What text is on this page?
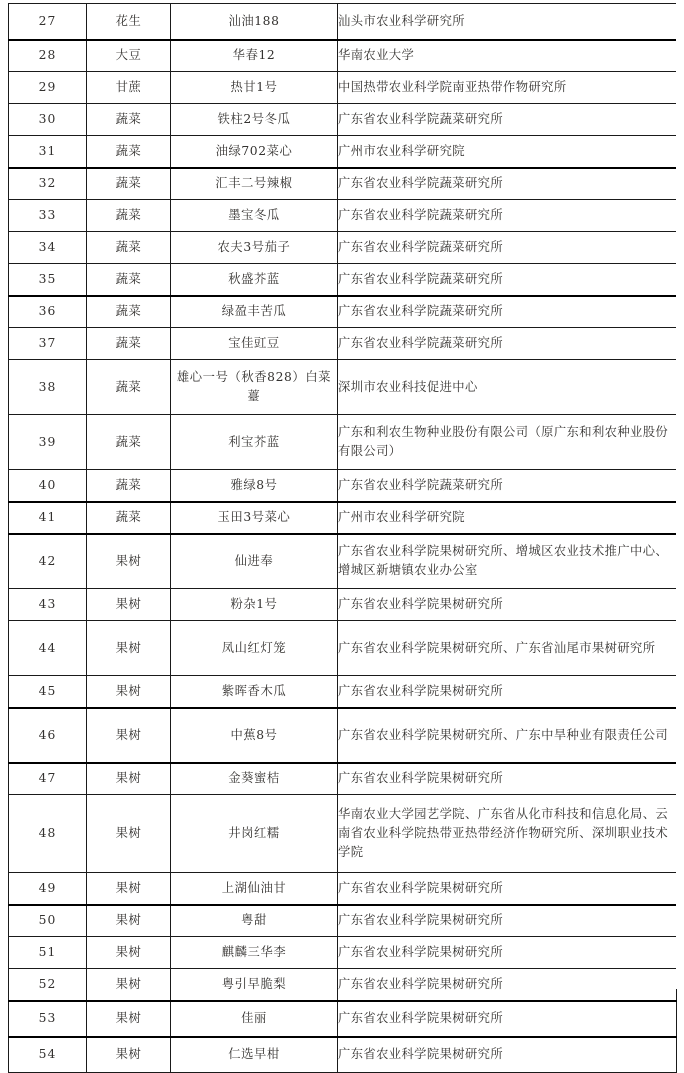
27	花生	汕油188	汕头市农业科学研究所

28	大豆	华春12	华南农业大学

29	甘蔗	热甘1号	中国热带农业科学院南亚热带作物研究所

30	蔬菜	铁柱2号冬瓜	广东省农业科学院蔬菜研究所

31	蔬菜	油绿702菜心	广州市农业科学研究院

32	蔬菜	汇丰二号辣椒	广东省农业科学院蔬菜研究所

33	蔬菜	墨宝冬瓜	广东省农业科学院蔬菜研究所

34	蔬菜	农夫3号茄子	广东省农业科学院蔬菜研究所

35	蔬菜	秋盛芥蓝	广东省农业科学院蔬菜研究所

36	蔬菜	绿盈丰苦瓜	广东省农业科学院蔬菜研究所

37	蔬菜	宝佳豇豆	广东省农业科学院蔬菜研究所

38	蔬菜	雄心一号（秋香828）白菜薹	深圳市农业科技促进中心

39	蔬菜	利宝芥蓝	广东和利农生物种业股份有限公司（原广东和利农种业股份有限公司）

40	蔬菜	雅绿8号	广东省农业科学院蔬菜研究所

41	蔬菜	玉田3号菜心	广州市农业科学研究院

42	果树	仙进奉	广东省农业科学院果树研究所、增城区农业技术推广中心、增城区新塘镇农业办公室

43	果树	粉杂1号	广东省农业科学院果树研究所

44	果树	凤山红灯笼	广东省农业科学院果树研究所、广东省汕尾市果树研究所

45	果树	紫晖香木瓜	广东省农业科学院果树研究所

46	果树	中蕉8号	广东省农业科学院果树研究所、广东中旱种业有限责任公司

47	果树	金葵蜜桔	广东省农业科学院果树研究所

48	果树	井岗红糯	华南农业大学园艺学院、广东省从化市科技和信息化局、云南省农业科学院热带亚热带经济作物研究所、深圳职业技术学院

49	果树	上湖仙油甘	广东省农业科学院果树研究所

50	果树	粤甜	广东省农业科学院果树研究所

51	果树	麒麟三华李	广东省农业科学院果树研究所

52	果树	粤引早脆梨	广东省农业科学院果树研究所

53	果树	佳丽	广东省农业科学院果树研究所

54	果树	仁选早柑	广东省农业科学院果树研究所
